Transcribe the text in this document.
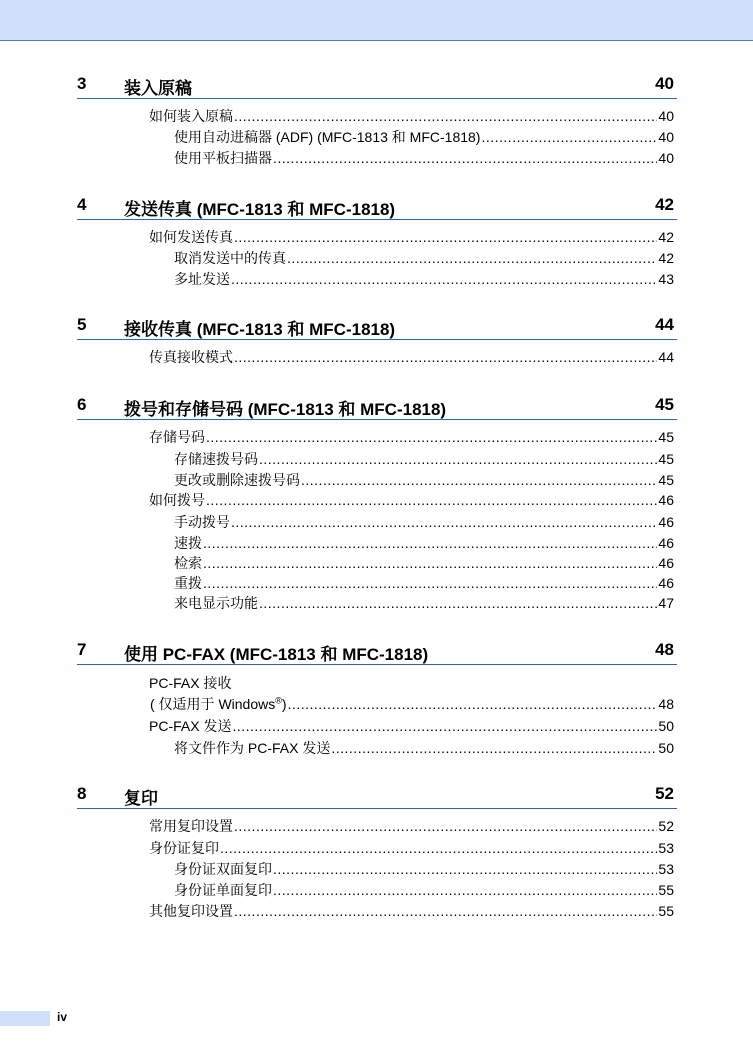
3 装入原稿	40
如何装入原稿 .....	40
使用自动进稿器 (ADF) (MFC-1813 和 MFC-1818) .....	40
使用平板扫描器 .....	40
4 发送传真 (MFC-1813 和 MFC-1818)	42
如何发送传真 .....	42
取消发送中的传真 .....	42
多址发送 .....	43
5 接收传真 (MFC-1813 和 MFC-1818)	44
传真接收模式 .....	44
6 拨号和存储号码 (MFC-1813 和 MFC-1818)	45
存储号码 .....	45
存储速拨号码 .....	45
更改或删除速拨号码 .....	45
如何拨号 .....	46
手动拨号 .....	46
速拨 .....	46
检索 .....	46
重拨 .....	46
来电显示功能 .....	47
7 使用 PC-FAX (MFC-1813 和 MFC-1818)	48
PC-FAX 接收
( 仅适用于 Windows®) .....	48
PC-FAX 发送 .....	50
将文件作为 PC-FAX 发送 .....	50
8 复印	52
常用复印设置 .....	52
身份证复印 .....	53
身份证双面复印 .....	53
身份证单面复印 .....	55
其他复印设置 .....	55
iv
